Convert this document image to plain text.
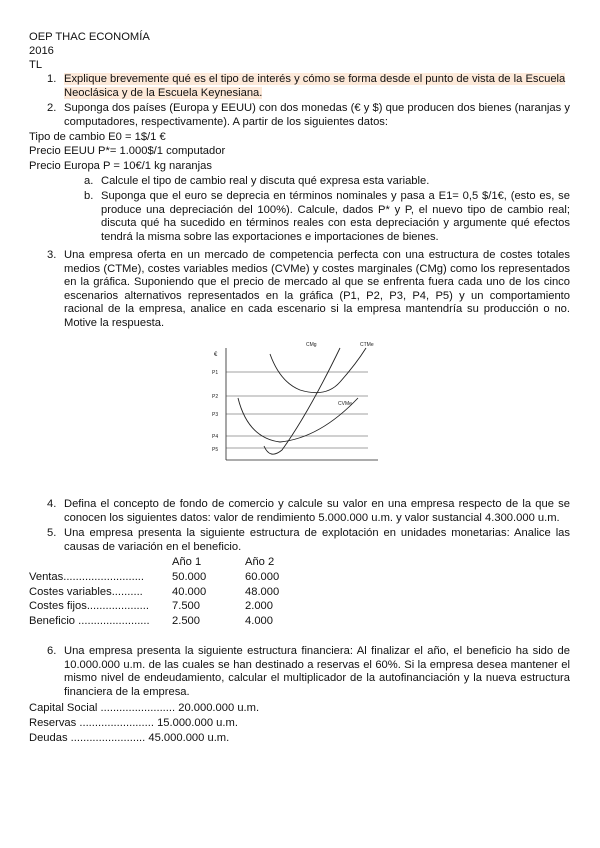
OEP THAC ECONOMÍA
2016
TL
1. Explique brevemente qué es el tipo de interés y cómo se forma desde el punto de vista de la Escuela
Neoclásica y de la Escuela Keynesiana.
2. Suponga dos países (Europa y EEUU) con dos monedas (€ y $) que producen dos bienes (naranjas y computadores, respectivamente). A partir de los siguientes datos:
Tipo de cambio E0 = 1$/1 €
Precio EEUU P*= 1.000$/1 computador
Precio Europa P = 10€/1 kg naranjas
a. Calcule el tipo de cambio real y discuta qué expresa esta variable.
b. Suponga que el euro se deprecia en términos nominales y pasa a E1= 0,5 $/1€, (esto es, se produce una depreciación del 100%). Calcule, dados P* y P, el nuevo tipo de cambio real; discuta qué ha sucedido en términos reales con esta depreciación y argumente qué efectos tendrá la misma sobre las exportaciones e importaciones de bienes.
3. Una empresa oferta en un mercado de competencia perfecta con una estructura de costes totales medios (CTMe), costes variables medios (CVMe) y costes marginales (CMg) como los representados en la gráfica. Suponiendo que el precio de mercado al que se enfrenta fuera cada uno de los cinco escenarios alternativos representados en la gráfica (P1, P2, P3, P4, P5) y un comportamiento racional de la empresa, analice en cada escenario si la empresa mantendría su producción o no. Motive la respuesta.
€
P1
P2
P3
P4
P5
CMg	CTMe
CVMe
4. Defina el concepto de fondo de comercio y calcule su valor en una empresa respecto de la que se conocen los siguientes datos: valor de rendimiento 5.000.000 u.m. y valor sustancial 4.300.000 u.m.
5. Una empresa presenta la siguiente estructura de explotación en unidades monetarias: Analice las causas de variación en el beneficio.
	Año 1	Año 2
Ventas..........................	50.000	60.000
Costes variables..........	40.000	48.000
Costes fijos....................	7.500	2.000
Beneficio .......................	2.500	4.000
6. Una empresa presenta la siguiente estructura financiera: Al finalizar el año, el beneficio ha sido de 10.000.000 u.m. de las cuales se han destinado a reservas el 60%. Si la empresa desea mantener el mismo nivel de endeudamiento, calcular el multiplicador de la autofinanciación y la nueva estructura financiera de la empresa.
Capital Social ........................ 20.000.000 u.m.
Reservas ........................ 15.000.000 u.m.
Deudas ........................ 45.000.000 u.m.
